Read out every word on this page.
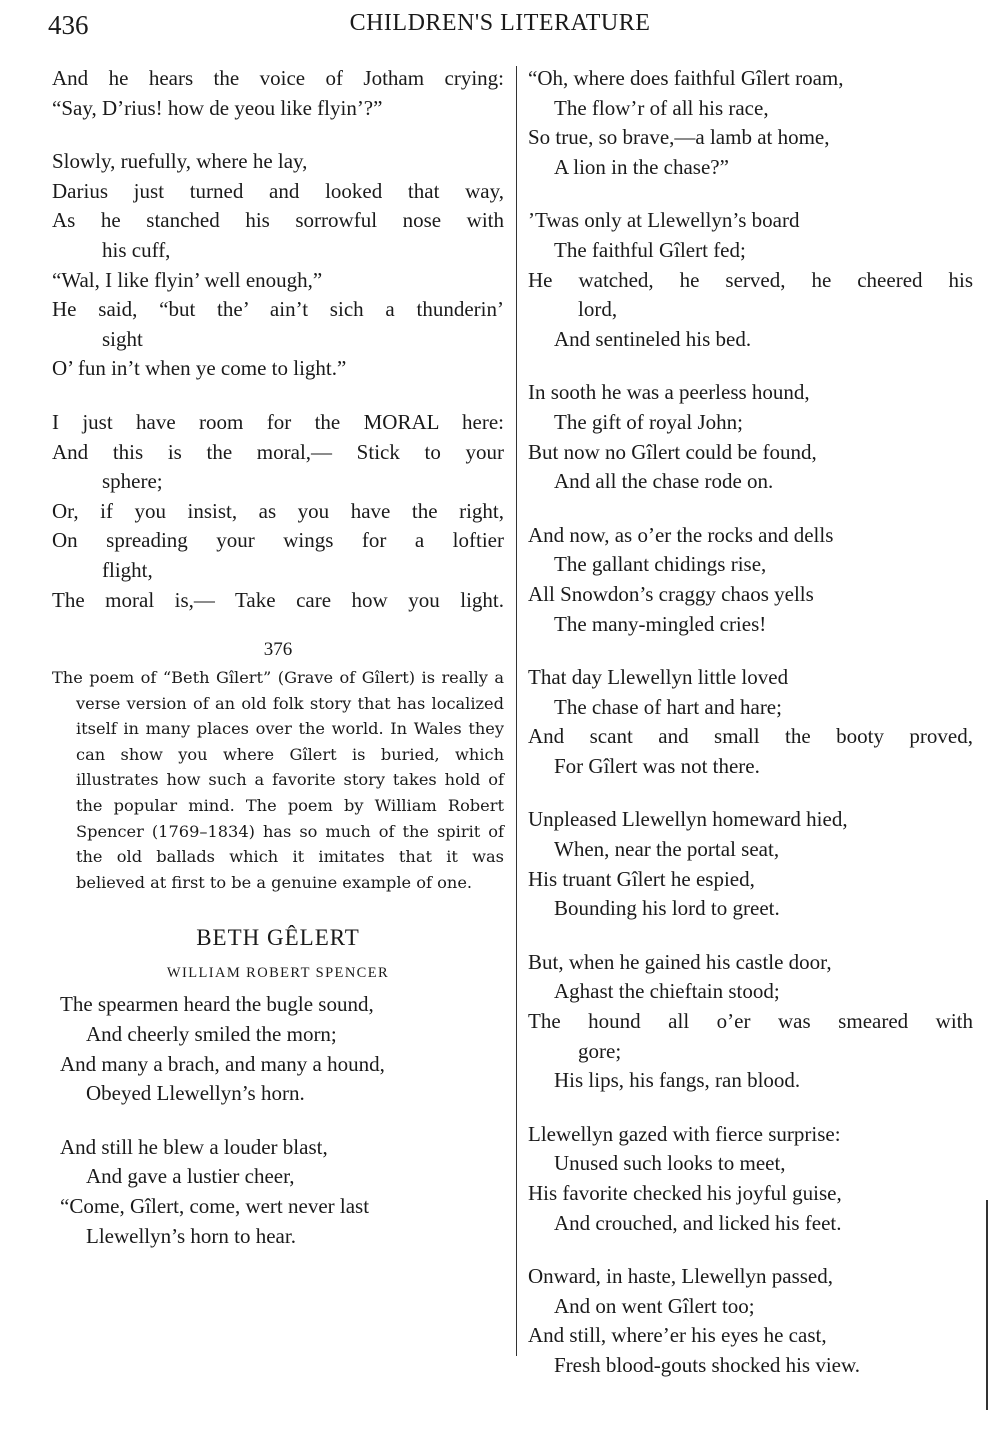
436	CHILDREN'S LITERATURE
And he hears the voice of Jotham crying:
“Say, D’rius! how de yeou like flyin’?”
Slowly, ruefully, where he lay,
Darius just turned and looked that way,
As he stanched his sorrowful nose with
his cuff,
“Wal, I like flyin’ well enough,”
He said, “but the’ ain’t sich a thunderin’
sight
O’ fun in’t when ye come to light.”
I just have room for the MORAL here:
And this is the moral,— Stick to your
sphere;
Or, if you insist, as you have the right,
On spreading your wings for a loftier
flight,
The moral is,— Take care how you light.
376
The poem of “Beth Gîlert” (Grave of Gîlert) is really a verse version of an old folk story that has localized itself in many places over the world. In Wales they can show you where Gîlert is buried, which illustrates how such a favorite story takes hold of the popular mind. The poem by William Robert Spencer (1769–1834) has so much of the spirit of the old ballads which it imitates that it was believed at first to be a genuine example of one.
BETH GÊLERT
WILLIAM ROBERT SPENCER
The spearmen heard the bugle sound,
And cheerly smiled the morn;
And many a brach, and many a hound,
Obeyed Llewellyn’s horn.
And still he blew a louder blast,
And gave a lustier cheer,
“Come, Gîlert, come, wert never last
Llewellyn’s horn to hear.
“Oh, where does faithful Gîlert roam,
The flow’r of all his race,
So true, so brave,—a lamb at home,
A lion in the chase?”
’Twas only at Llewellyn’s board
The faithful Gîlert fed;
He watched, he served, he cheered his
lord,
And sentineled his bed.
In sooth he was a peerless hound,
The gift of royal John;
But now no Gîlert could be found,
And all the chase rode on.
And now, as o’er the rocks and dells
The gallant chidings rise,
All Snowdon’s craggy chaos yells
The many-mingled cries!
That day Llewellyn little loved
The chase of hart and hare;
And scant and small the booty proved,
For Gîlert was not there.
Unpleased Llewellyn homeward hied,
When, near the portal seat,
His truant Gîlert he espied,
Bounding his lord to greet.
But, when he gained his castle door,
Aghast the chieftain stood;
The hound all o’er was smeared with
gore;
His lips, his fangs, ran blood.
Llewellyn gazed with fierce surprise:
Unused such looks to meet,
His favorite checked his joyful guise,
And crouched, and licked his feet.
Onward, in haste, Llewellyn passed,
And on went Gîlert too;
And still, where’er his eyes he cast,
Fresh blood-gouts shocked his view.
